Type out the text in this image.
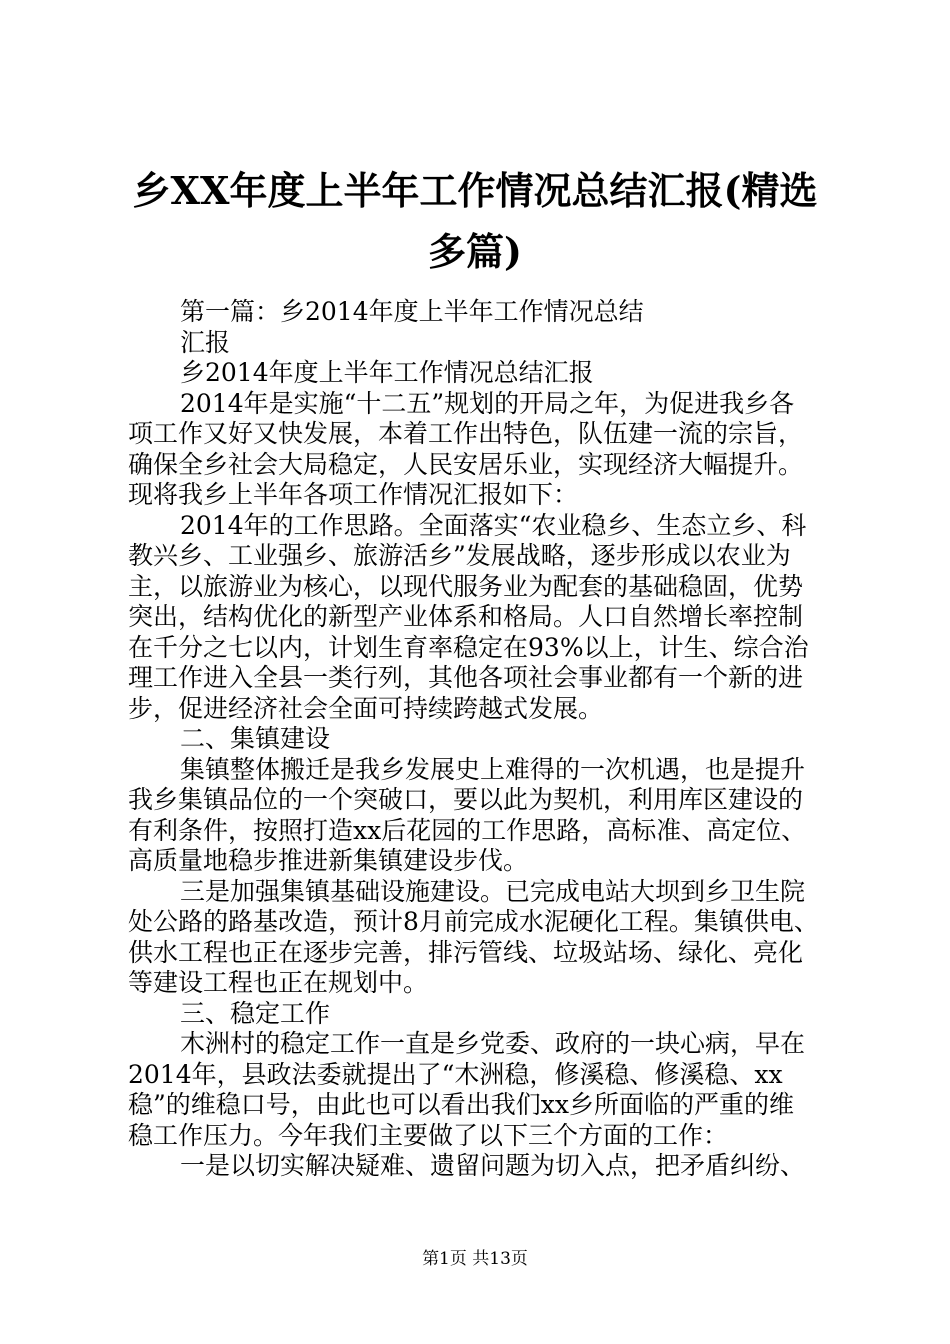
乡XX年度上半年工作情况总结汇报(精选多篇)
第一篇：乡2014年度上半年工作情况总结
汇报
乡2014年度上半年工作情况总结汇报
2014年是实施“十二五”规划的开局之年，为促进我乡各
项工作又好又快发展，本着工作出特色，队伍建一流的宗旨，
确保全乡社会大局稳定，人民安居乐业，实现经济大幅提升。
现将我乡上半年各项工作情况汇报如下：
2014年的工作思路。全面落实“农业稳乡、生态立乡、科
教兴乡、工业强乡、旅游活乡”发展战略，逐步形成以农业为
主，以旅游业为核心，以现代服务业为配套的基础稳固，优势
突出，结构优化的新型产业体系和格局。人口自然增长率控制
在千分之七以内，计划生育率稳定在93%以上，计生、综合治
理工作进入全县一类行列，其他各项社会事业都有一个新的进
步，促进经济社会全面可持续跨越式发展。
二、集镇建设
集镇整体搬迁是我乡发展史上难得的一次机遇，也是提升
我乡集镇品位的一个突破口，要以此为契机，利用库区建设的
有利条件，按照打造xx后花园的工作思路，高标准、高定位、
高质量地稳步推进新集镇建设步伐。
三是加强集镇基础设施建设。已完成电站大坝到乡卫生院
处公路的路基改造，预计8月前完成水泥硬化工程。集镇供电、
供水工程也正在逐步完善，排污管线、垃圾站场、绿化、亮化
等建设工程也正在规划中。
三、稳定工作
木洲村的稳定工作一直是乡党委、政府的一块心病，早在
2014年，县政法委就提出了“木洲稳，修溪稳、修溪稳、xx
稳”的维稳口号，由此也可以看出我们xx乡所面临的严重的维
稳工作压力。今年我们主要做了以下三个方面的工作：
一是以切实解决疑难、遗留问题为切入点，把矛盾纠纷、
第1页 共13页
